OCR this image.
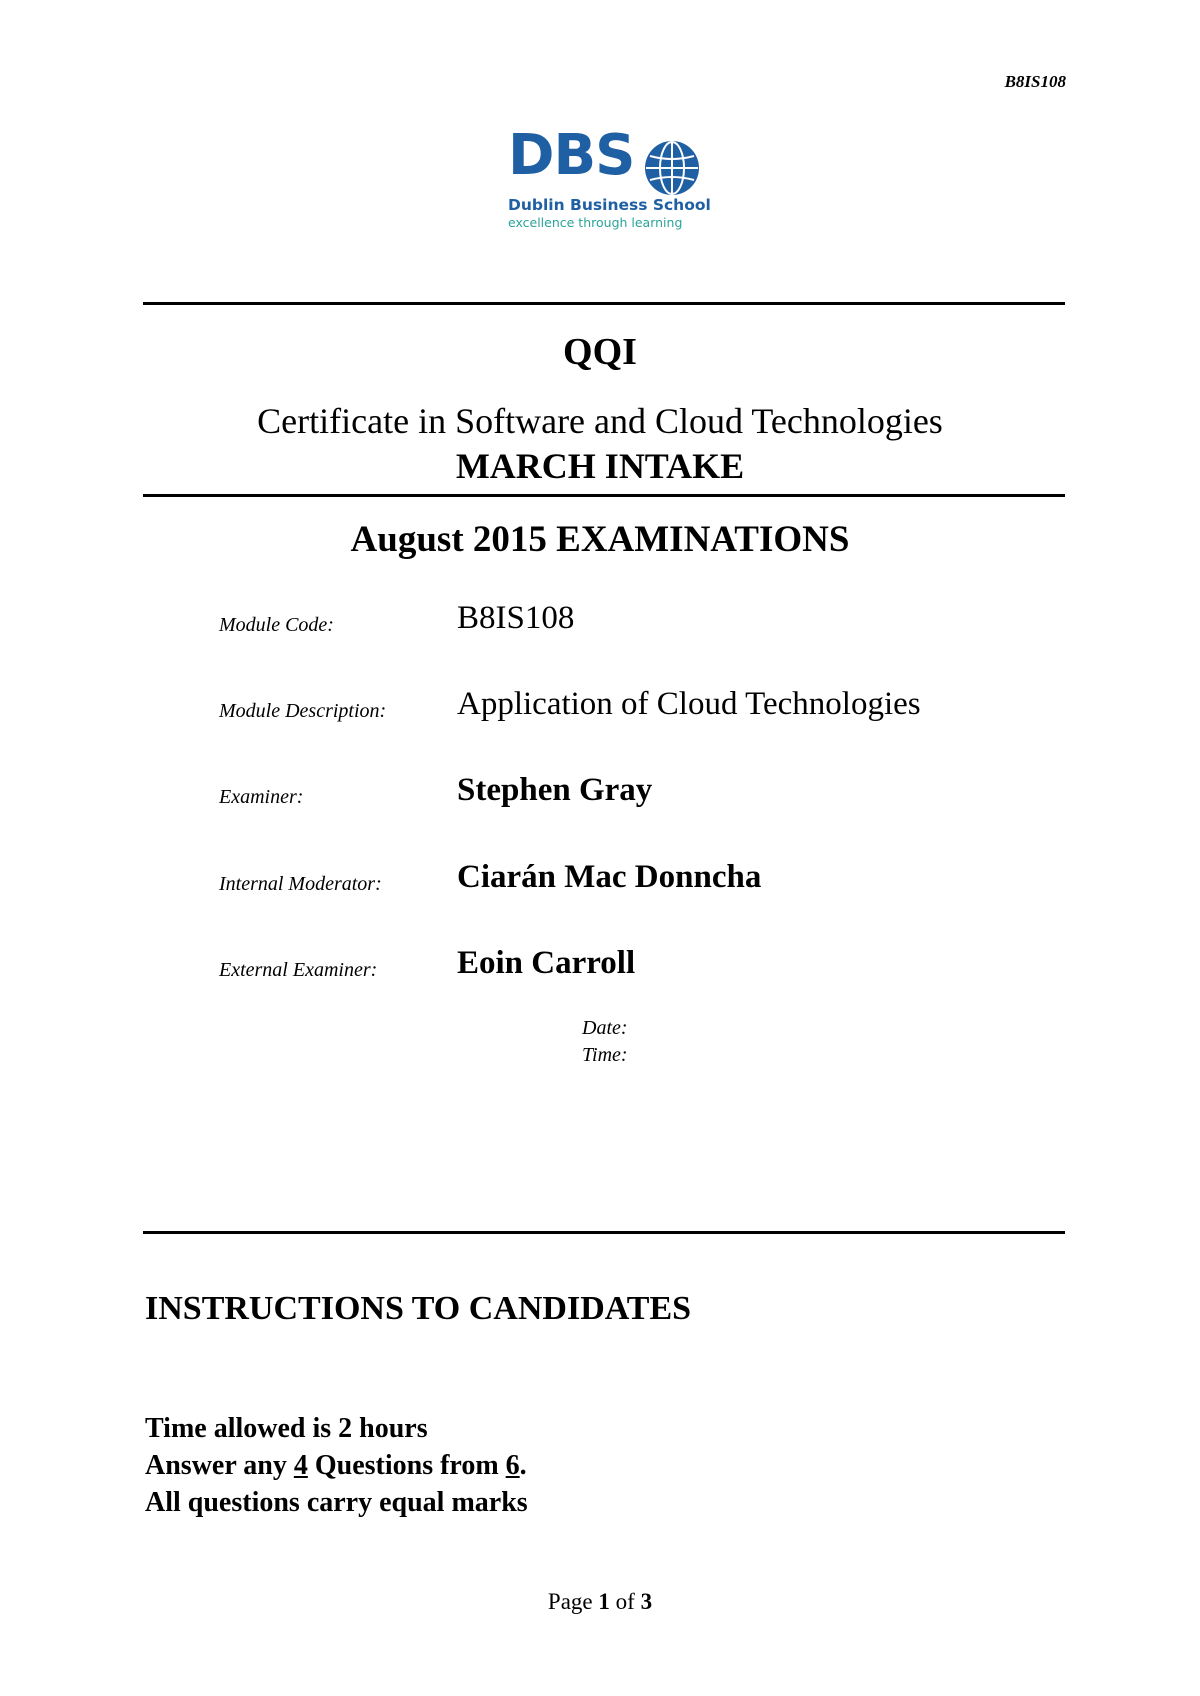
B8IS108
DBS
Dublin Business School
excellence through learning
QQI
Certificate in Software and Cloud Technologies
MARCH INTAKE
August 2015 EXAMINATIONS
Module Code:	B8IS108
Module Description: Application of Cloud Technologies
Examiner:	Stephen Gray
Internal Moderator: Ciarán Mac Donncha
External Examiner: Eoin Carroll
Date:
Time:
INSTRUCTIONS TO CANDIDATES
Time allowed is 2 hours
Answer any 4 Questions from 6.
All questions carry equal marks
Page 1 of 3
